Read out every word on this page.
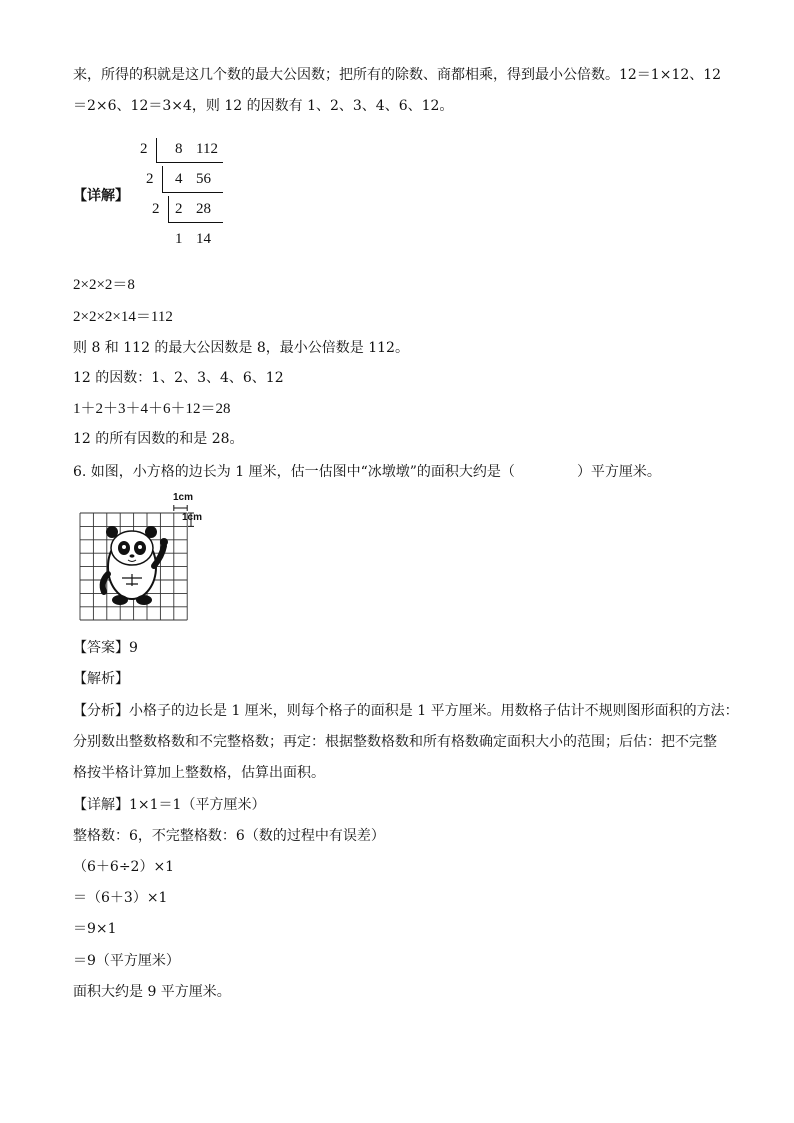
来，所得的积就是这几个数的最大公因数；把所有的除数、商都相乘，得到最小公倍数。12＝1×12、12
＝2×6、12＝3×4，则 12 的因数有 1、2、3、4、6、12。
【详解】
2 8 112
2 4 56
2 2 28
1 14
2×2×2＝8
2×2×2×14＝112
则 8 和 112 的最大公因数是 8，最小公倍数是 112。
12 的因数：1、2、3、4、6、12
1＋2＋3＋4＋6＋12＝28
12 的所有因数的和是 28。
6. 如图，小方格的边长为 1 厘米，估一估图中“冰墩墩”的面积大约是（	）平方厘米。
1cm
1cm
【答案】9
【解析】
【分析】小格子的边长是 1 厘米，则每个格子的面积是 1 平方厘米。用数格子估计不规则图形面积的方法：
分别数出整数格数和不完整格数；再定：根据整数格数和所有格数确定面积大小的范围；后估：把不完整
格按半格计算加上整数格，估算出面积。
【详解】1×1＝1（平方厘米）
整格数：6，不完整格数：6（数的过程中有误差）
（6＋6÷2）×1
＝（6＋3）×1
＝9×1
＝9（平方厘米）
面积大约是 9 平方厘米。
